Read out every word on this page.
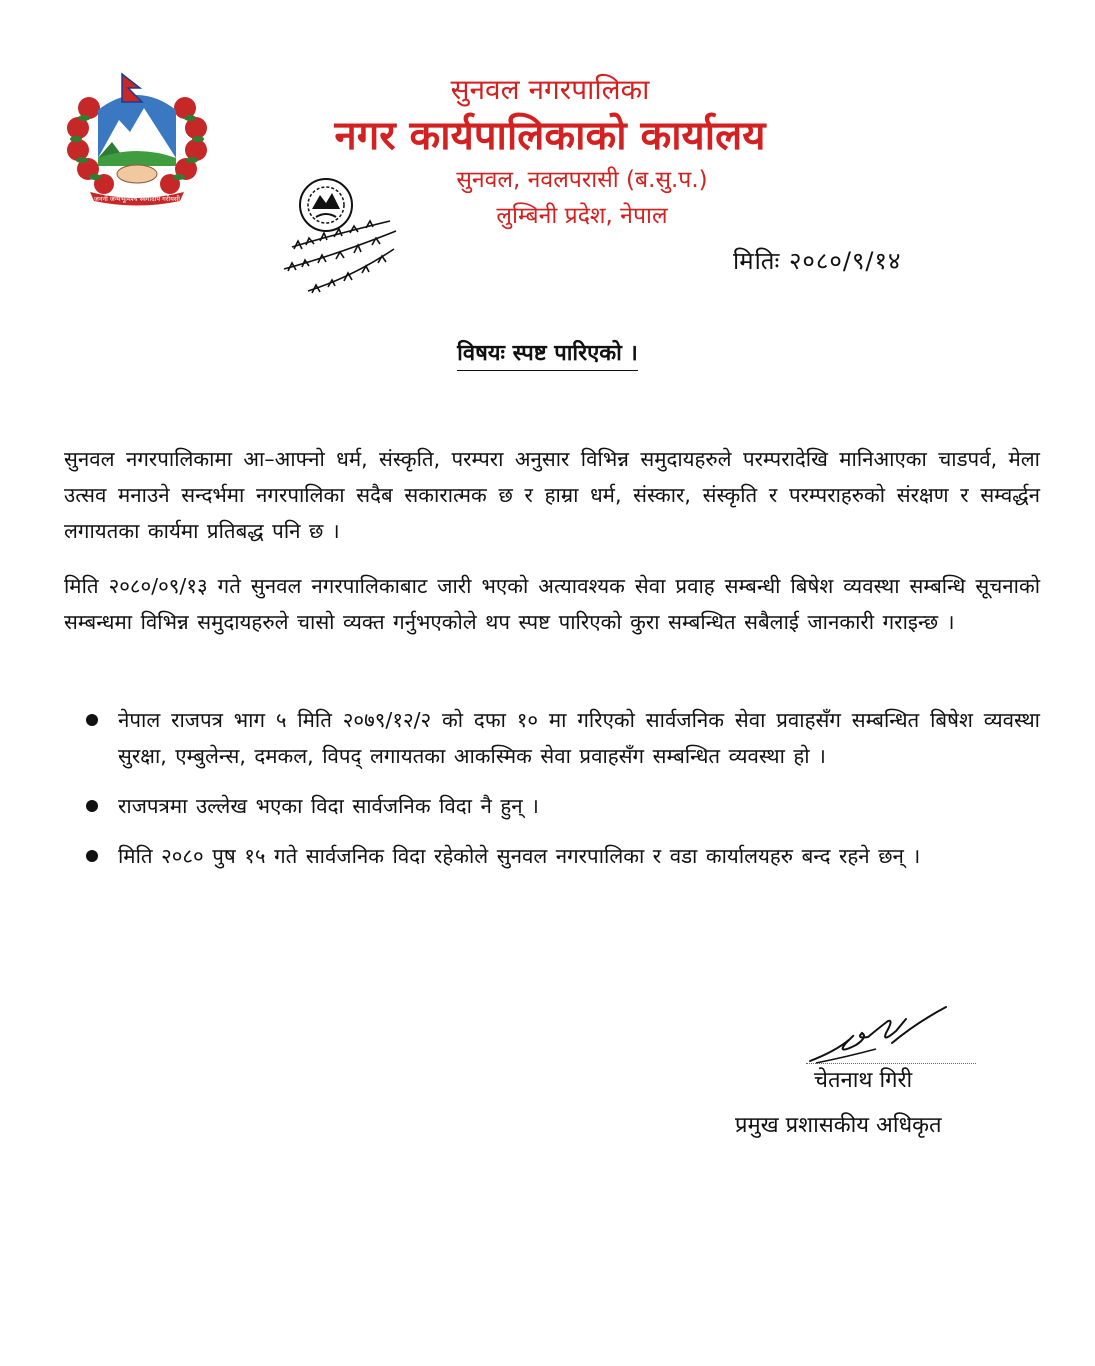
जननी जन्मभूमिश्च स्वर्गादपि गरीयसी
सुनवल नगरपालिका
नगर कार्यपालिकाको कार्यालय
सुनवल, नवलपरासी (ब.सु.प.)
लुम्बिनी प्रदेश, नेपाल
मितिः २०८०/९/१४
विषयः स्पष्ट पारिएको ।

सुनवल नगरपालिकामा आ–आफ्नो धर्म, संस्कृति, परम्परा अनुसार विभिन्न समुदायहरुले परम्परादेखि मानिआएका चाडपर्व, मेला उत्सव मनाउने सन्दर्भमा नगरपालिका सदैब सकारात्मक छ र हाम्रा धर्म, संस्कार, संस्कृति र परम्पराहरुको संरक्षण र सम्वर्द्धन लगायतका कार्यमा प्रतिबद्ध पनि छ ।

मिति २०८०/०९/१३ गते सुनवल नगरपालिकाबाट जारी भएको अत्यावश्यक सेवा प्रवाह सम्बन्धी बिषेश व्यवस्था सम्बन्धि सूचनाको सम्बन्धमा विभिन्न समुदायहरुले चासो व्यक्त गर्नुभएकोले थप स्पष्ट पारिएको कुरा सम्बन्धित सबैलाई जानकारी गराइन्छ ।

नेपाल राजपत्र भाग ५ मिति २०७९/१२/२ को दफा १० मा गरिएको सार्वजनिक सेवा प्रवाहसँग सम्बन्धित बिषेश व्यवस्था सुरक्षा, एम्बुलेन्स, दमकल, विपद् लगायतका आकस्मिक सेवा प्रवाहसँग सम्बन्धित व्यवस्था हो ।
राजपत्रमा उल्लेख भएका विदा सार्वजनिक विदा नै हुन् ।
मिति २०८० पुष १५ गते सार्वजनिक विदा रहेकोले सुनवल नगरपालिका र वडा कार्यालयहरु बन्द रहने छन् ।
चेतनाथ गिरी
प्रमुख प्रशासकीय अधिकृत
